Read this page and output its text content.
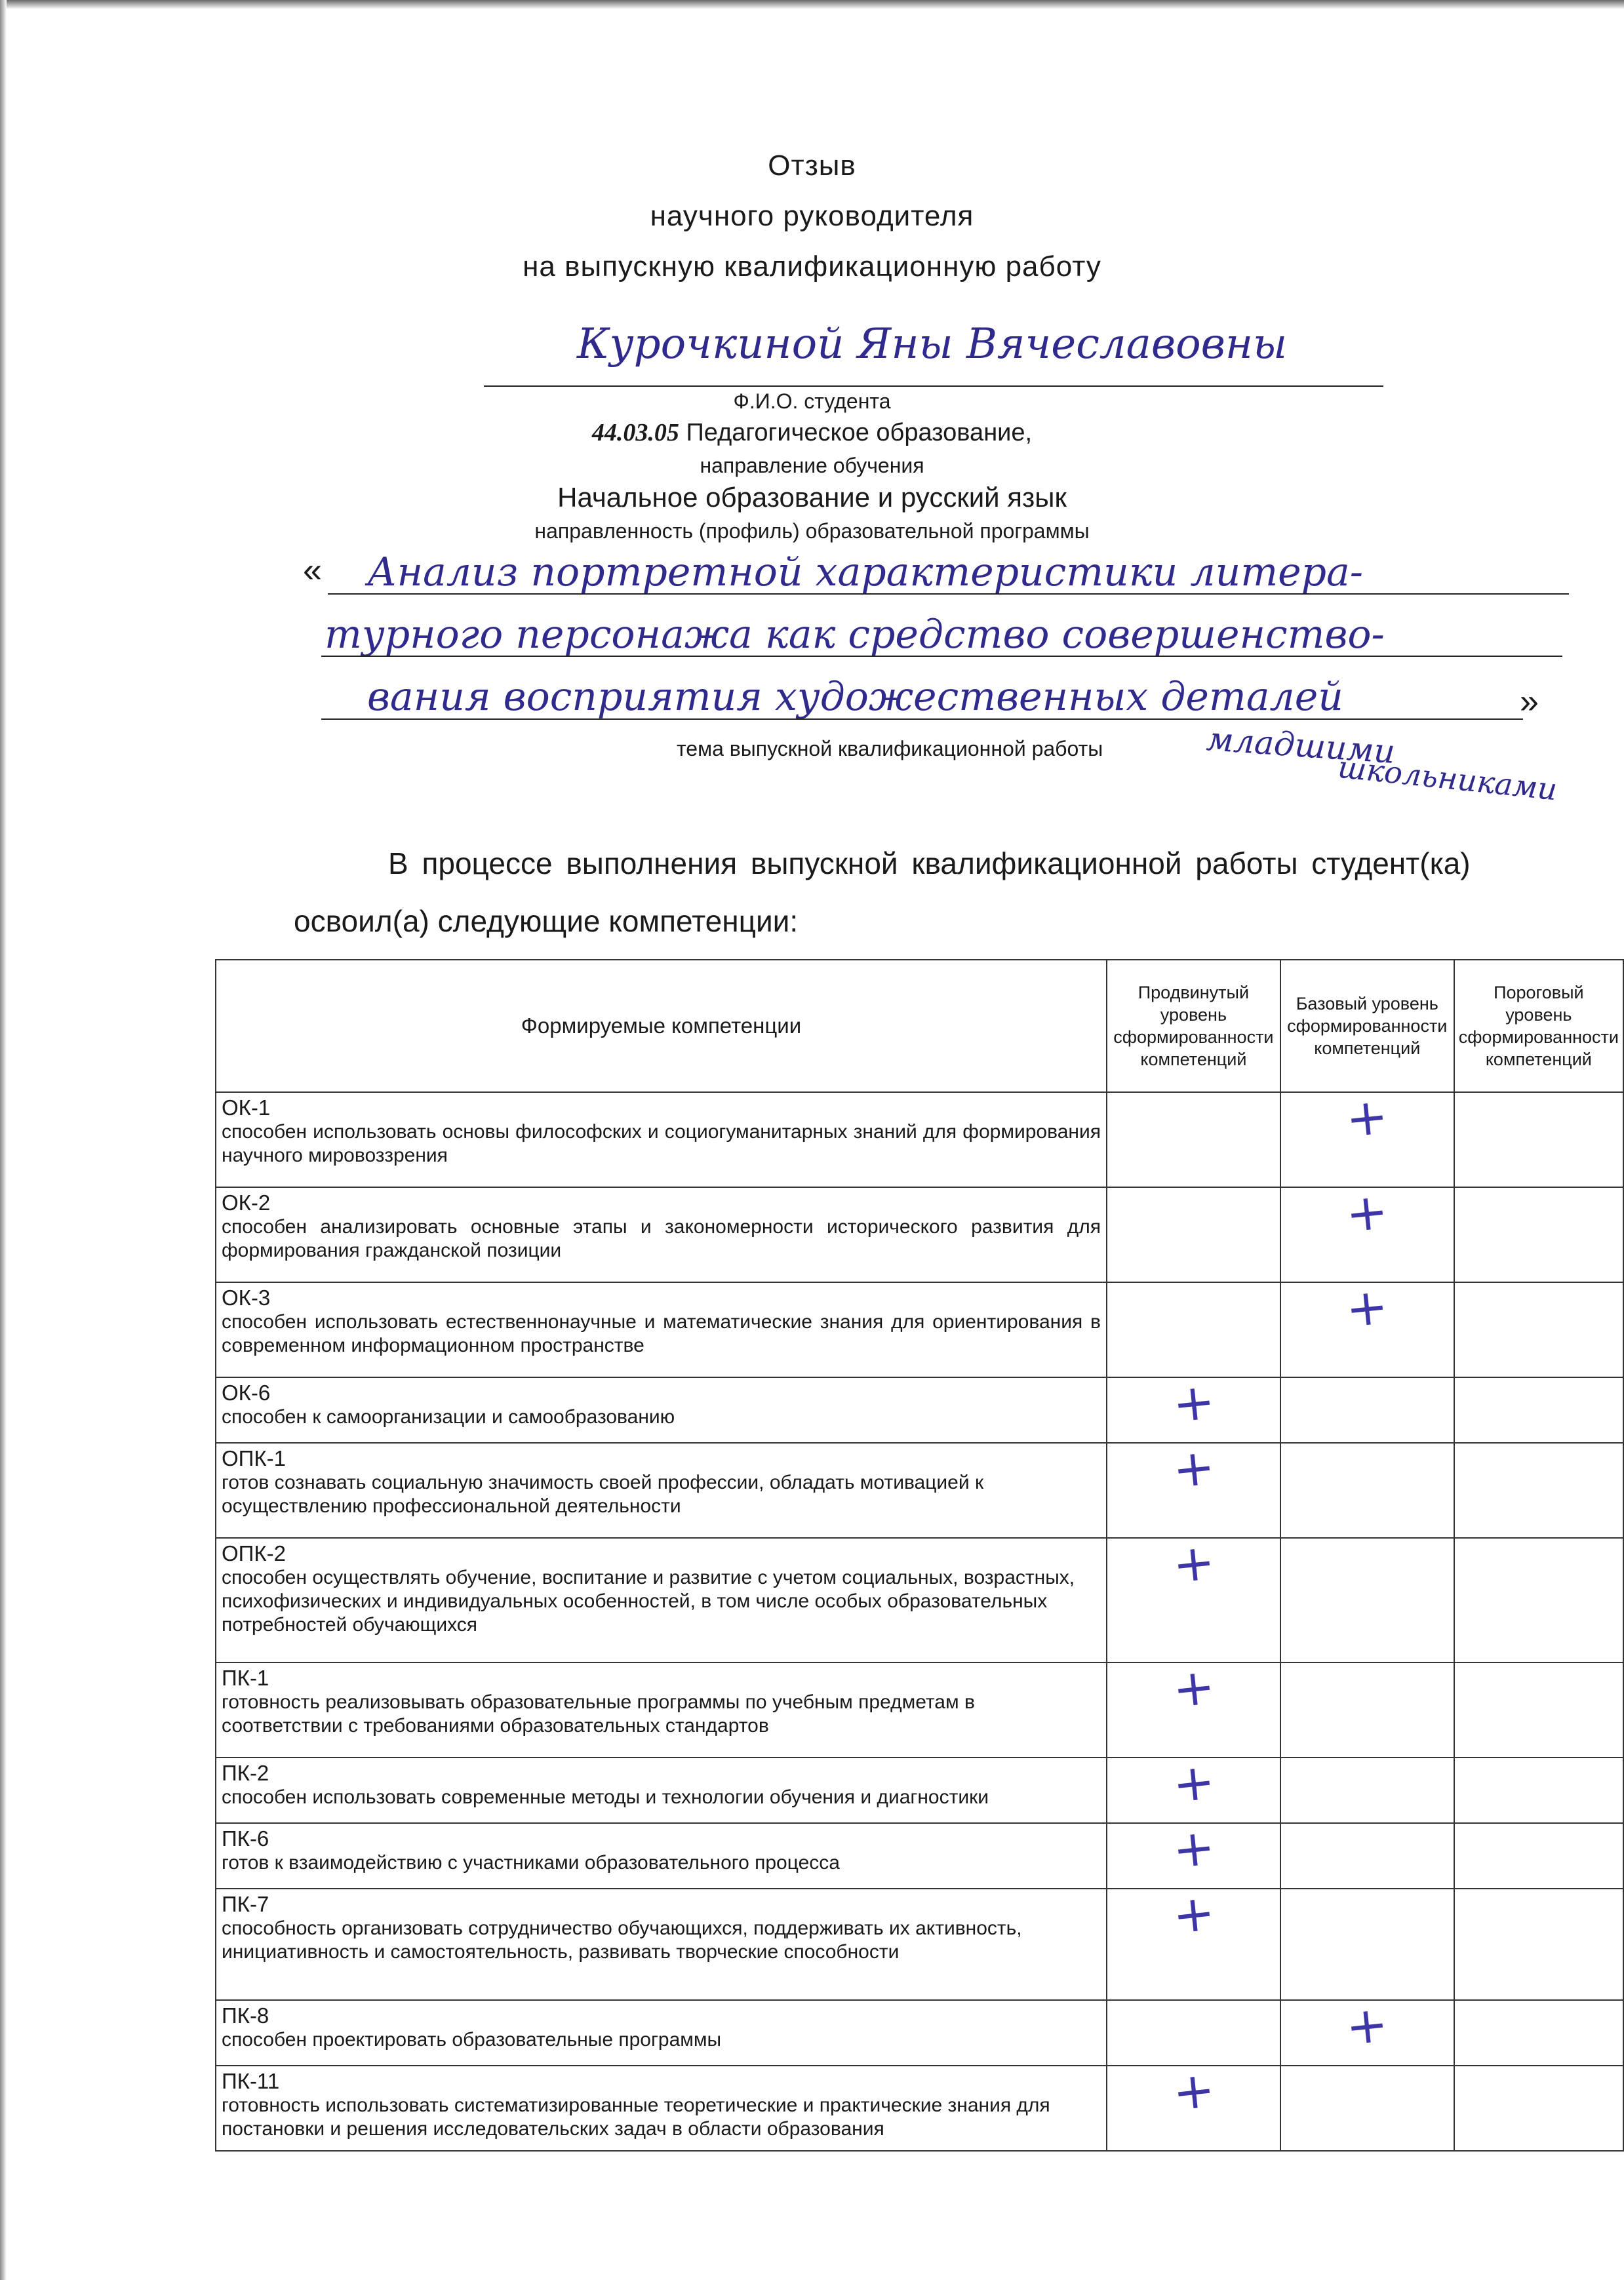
Отзыв
научного руководителя
на выпускную квалификационную работу
Курочкиной Яны Вячеславовны
Ф.И.О. студента
44.03.05 Педагогическое образование,
направление обучения
Начальное образование и русский язык
направленность (профиль) образовательной программы
« Анализ портретной характеристики литера-
турного персонажа как средство совершенство-
вания восприятия художественных деталей	»
тема выпускной квалификационной работы	младшими
школьниками
В процессе выполнения выпускной квалификационной работы студент(ка)
освоил(а) следующие компетенции:
Формируемые компетенции	Продвинутый уровень сформированности компетенций	Базовый уровень сформированности компетенций	Пороговый уровень сформированности компетенций

ОК-1
способен использовать основы философских и социогуманитарных знаний для формирования научного мировоззрения		+	

ОК-2
способен анализировать основные этапы и закономерности исторического развития для формирования гражданской позиции		+	

ОК-3
способен использовать естественнонаучные и математические знания для ориентирования в современном информационном пространстве		+	

ОК-6
способен к самоорганизации и самообразованию	+		

ОПК-1
готов сознавать социальную значимость своей профессии, обладать мотивацией к осуществлению профессиональной деятельности	+		

ОПК-2
способен осуществлять обучение, воспитание и развитие с учетом социальных, возрастных, психофизических и индивидуальных особенностей, в том числе особых образовательных потребностей обучающихся	+		

ПК-1
готовность реализовывать образовательные программы по учебным предметам в соответствии с требованиями образовательных стандартов	+		

ПК-2
способен использовать современные методы и технологии обучения и диагностики	+		

ПК-6
готов к взаимодействию с участниками образовательного процесса	+		

ПК-7
способность организовать сотрудничество обучающихся, поддерживать их активность, инициативность и самостоятельность, развивать творческие способности	+		

ПК-8
способен проектировать образовательные программы		+	

ПК-11
готовность использовать систематизированные теоретические и практические знания для постановки и решения исследовательских задач в области образования	+		
